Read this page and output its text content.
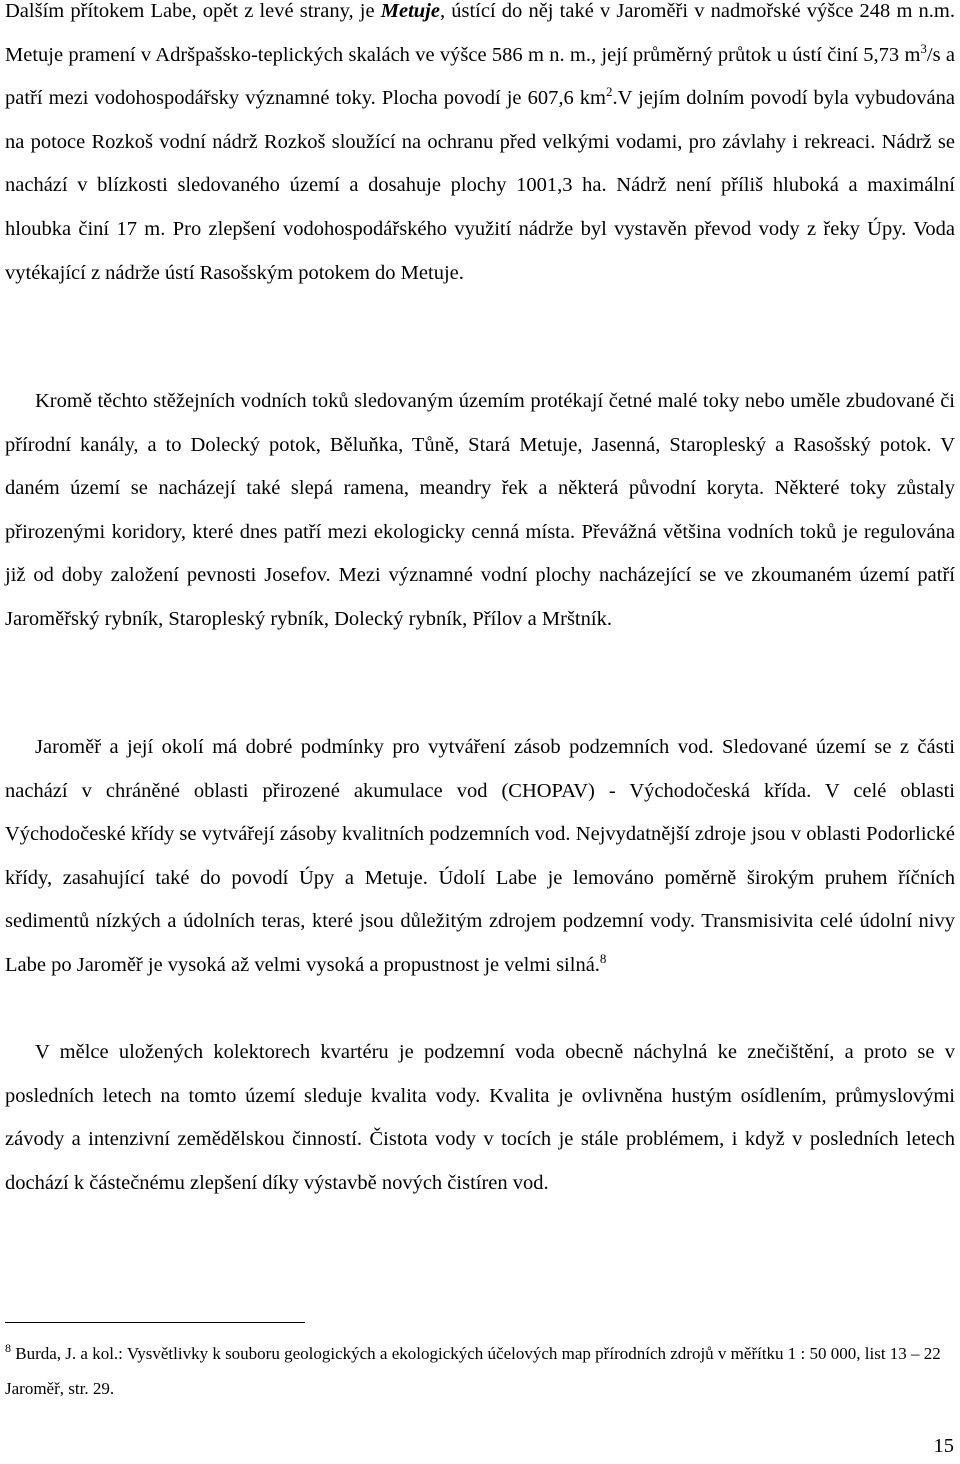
Dalším přítokem Labe, opět z levé strany, je Metuje, ústící do něj také v Jaroměři v nadmořské výšce 248 m n.m. Metuje pramení v Adršpašsko-teplických skalách ve výšce 586 m n. m., její průměrný průtok u ústí činí 5,73 $m^3/s$ a patří mezi vodohospodářsky významné toky. Plocha povodí je 607,6 $km^2.V$ jejím dolním povodí byla vybudována na potoce Rozkoš vodní nádrž Rozkoš sloužící na ochranu před velkými vodami, pro závlahy i rekreaci. Nádrž se nachází v blízkosti sledovaného území a dosahuje plochy 1001,3 ha. Nádrž není příliš hluboká a maximální hloubka činí 17 m. Pro zlepšení vodohospodářského využití nádrže byl vystavěn převod vody z řeky Úpy. Voda vytékající z nádrže ústí Rasošským potokem do Metuje.

Kromě těchto stěžejních vodních toků sledovaným územím protékají četné malé toky nebo uměle zbudované či přírodní kanály, a to Dolecký potok, Běluňka, Tůně, Stará Metuje, Jasenná, Staropleský a Rasošský potok. V daném území se nacházejí také slepá ramena, meandry řek a některá původní koryta. Některé toky zůstaly přirozenými koridory, které dnes patří mezi ekologicky cenná místa. Převážná většina vodních toků je regulována již od doby založení pevnosti Josefov. Mezi významné vodní plochy nacházející se ve zkoumaném území patří Jaroměřský rybník, Staropleský rybník, Dolecký rybník, Přílov a Mrštník.

Jaroměř a její okolí má dobré podmínky pro vytváření zásob podzemních vod. Sledované území se z části nachází v chráněné oblasti přirozené akumulace vod (CHOPAV) - Východočeská křída. V celé oblasti Východočeské křídy se vytvářejí zásoby kvalitních podzemních vod. Nejvydatnější zdroje jsou v oblasti Podorlické křídy, zasahující také do povodí Úpy a Metuje. Údolí Labe je lemováno poměrně širokým pruhem říčních sedimentů nízkých a údolních teras, které jsou důležitým zdrojem podzemní vody. Transmisivita celé údolní nivy Labe po Jaroměř je vysoká až velmi vysoká a propustnost je velmi silná.$^8$

V mělce uložených kolektorech kvartéru je podzemní voda obecně náchylná ke znečištění, a proto se v posledních letech na tomto území sleduje kvalita vody. Kvalita je ovlivněna hustým osídlením, průmyslovými závody a intenzivní zemědělskou činností. Čistota vody v tocích je stále problémem, i když v posledních letech dochází k částečnému zlepšení díky výstavbě nových čistíren vod.

$^8$ Burda, J. a kol.: Vysvětlivky k souboru geologických a ekologických účelových map přírodních zdrojů v měřítku 1 : 50 000, list 13 – 22 Jaroměř, str. 29.
15
